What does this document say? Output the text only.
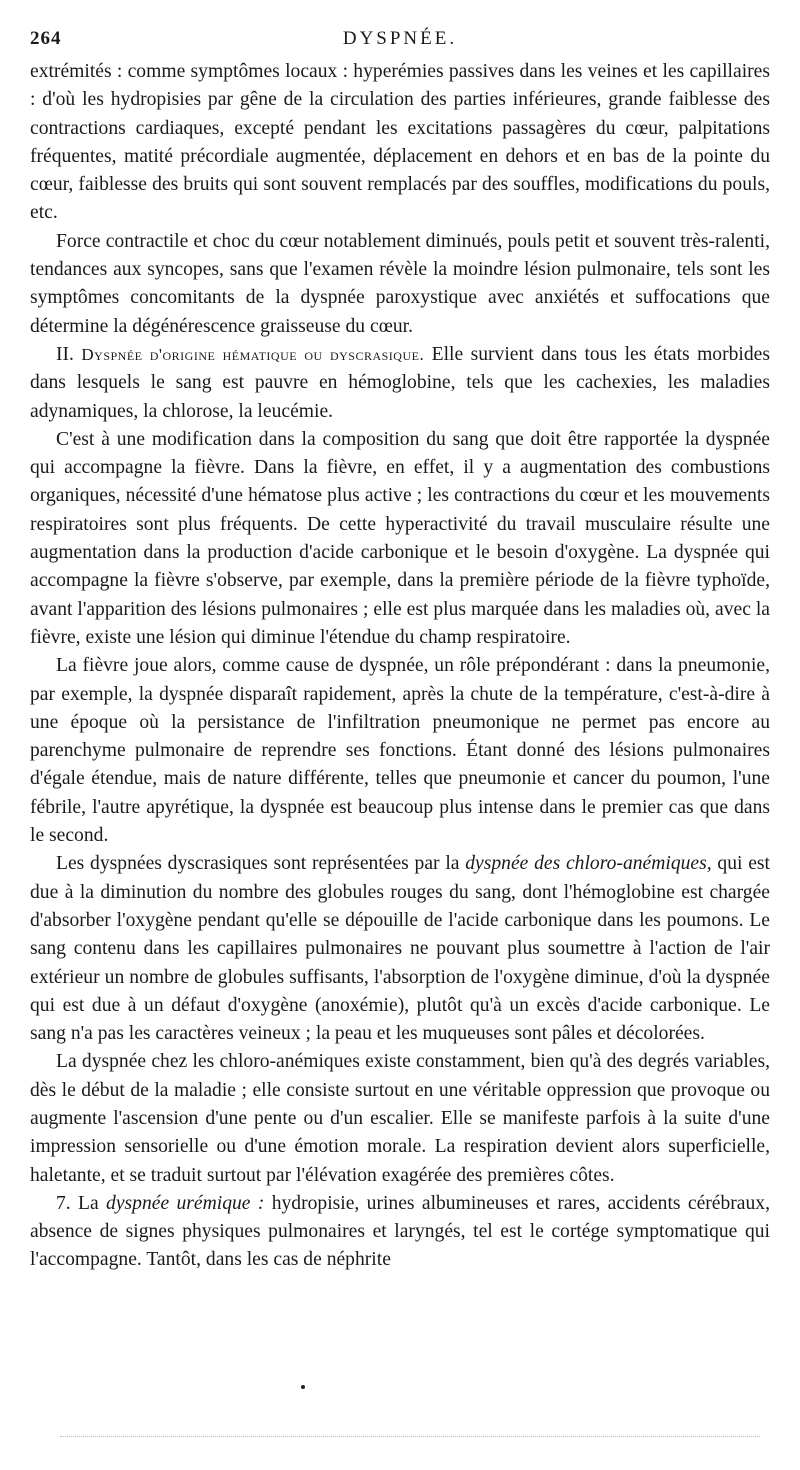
264	DYSPNÉE.

extrémités : comme symptômes locaux : hyperémies passives dans les veines et les capillaires : d'où les hydropisies par gêne de la circulation des parties inférieures, grande faiblesse des contractions cardiaques, excepté pendant les excitations passagères du cœur, palpitations fréquentes, matité précordiale augmentée, déplacement en dehors et en bas de la pointe du cœur, faiblesse des bruits qui sont souvent remplacés par des souffles, modifications du pouls, etc.

Force contractile et choc du cœur notablement diminués, pouls petit et souvent très-ralenti, tendances aux syncopes, sans que l'examen révèle la moindre lésion pulmonaire, tels sont les symptômes concomitants de la dyspnée paroxystique avec anxiétés et suffocations que détermine la dégénérescence graisseuse du cœur.

II. Dyspnée d'origine hématique ou dyscrasique. Elle survient dans tous les états morbides dans lesquels le sang est pauvre en hémoglobine, tels que les cachexies, les maladies adynamiques, la chlorose, la leucémie.

C'est à une modification dans la composition du sang que doit être rapportée la dyspnée qui accompagne la fièvre. Dans la fièvre, en effet, il y a augmentation des combustions organiques, nécessité d'une hématose plus active ; les contractions du cœur et les mouvements respiratoires sont plus fréquents. De cette hyperactivité du travail musculaire résulte une augmentation dans la production d'acide carbonique et le besoin d'oxygène. La dyspnée qui accompagne la fièvre s'observe, par exemple, dans la première période de la fièvre typhoïde, avant l'apparition des lésions pulmonaires ; elle est plus marquée dans les maladies où, avec la fièvre, existe une lésion qui diminue l'étendue du champ respiratoire.

La fièvre joue alors, comme cause de dyspnée, un rôle prépondérant : dans la pneumonie, par exemple, la dyspnée disparaît rapidement, après la chute de la température, c'est-à-dire à une époque où la persistance de l'infiltration pneumonique ne permet pas encore au parenchyme pulmonaire de reprendre ses fonctions. Étant donné des lésions pulmonaires d'égale étendue, mais de nature différente, telles que pneumonie et cancer du poumon, l'une fébrile, l'autre apyrétique, la dyspnée est beaucoup plus intense dans le premier cas que dans le second.

Les dyspnées dyscrasiques sont représentées par la dyspnée des chloro-anémiques, qui est due à la diminution du nombre des globules rouges du sang, dont l'hémoglobine est chargée d'absorber l'oxygène pendant qu'elle se dépouille de l'acide carbonique dans les poumons. Le sang contenu dans les capillaires pulmonaires ne pouvant plus soumettre à l'action de l'air extérieur un nombre de globules suffisants, l'absorption de l'oxygène diminue, d'où la dyspnée qui est due à un défaut d'oxygène (anoxémie), plutôt qu'à un excès d'acide carbonique. Le sang n'a pas les caractères veineux ; la peau et les muqueuses sont pâles et décolorées.

La dyspnée chez les chloro-anémiques existe constamment, bien qu'à des degrés variables, dès le début de la maladie ; elle consiste surtout en une véritable oppression que provoque ou augmente l'ascension d'une pente ou d'un escalier. Elle se manifeste parfois à la suite d'une impression sensorielle ou d'une émotion morale. La respiration devient alors superficielle, haletante, et se traduit surtout par l'élévation exagérée des premières côtes.

7. La dyspnée urémique : hydropisie, urines albumineuses et rares, accidents cérébraux, absence de signes physiques pulmonaires et laryngés, tel est le cortége symptomatique qui l'accompagne. Tantôt, dans les cas de néphrite
